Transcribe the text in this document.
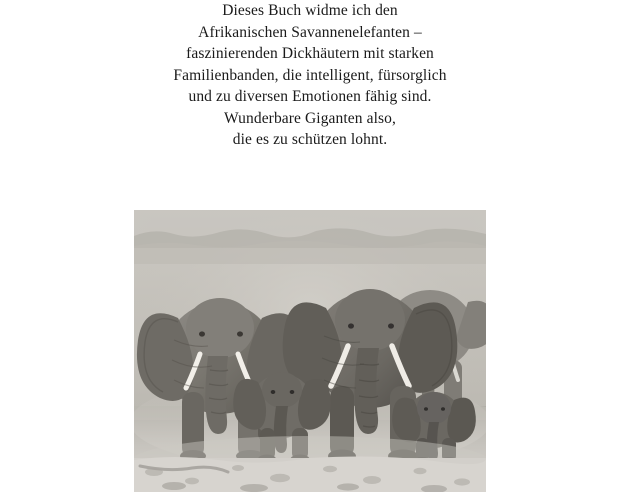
Dieses Buch widme ich den
Afrikanischen Savannenelefanten –
faszinierenden Dickhäutern mit starken
Familienbanden, die intelligent, fürsorglich
und zu diversen Emotionen fähig sind.
Wunderbare Giganten also,
die es zu schützen lohnt.
